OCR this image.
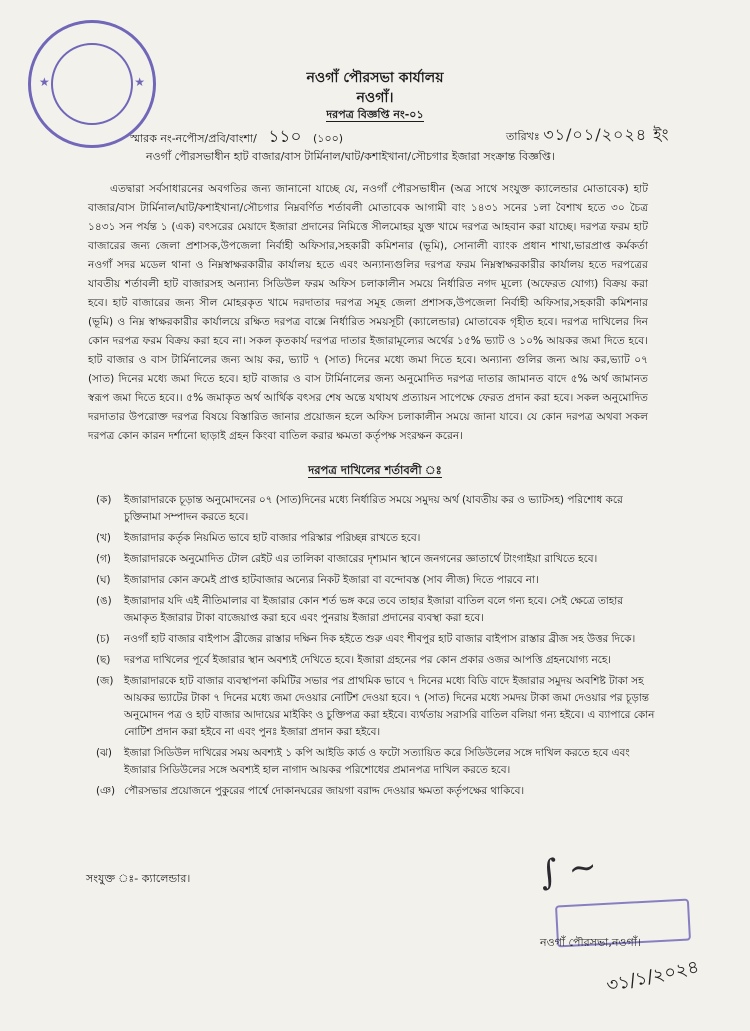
★	★	নওগাঁ পৌরসভা কার্যালয়
নওগাঁ।
দরপত্র বিজ্ঞপ্তি নং-০১
স্মারক নং-নপৌস/প্রবি/বাংশা/ ১১০ (১০০)	তারিখঃ ৩১/০১/২০২৪ ইং
নওগাঁ পৌরসভাধীন হাট বাজার/বাস টার্মিনাল/ঘাট/কশাইখানা/সৌচগার ইজারা সংক্রান্ত বিজ্ঞপ্তি।

এতদ্বারা সর্বসাধারনের অবগতির জন্য জানানো যাচ্ছে যে, নওগাঁ পৌরসভাধীন (অত্র সাথে সংযুক্ত ক্যালেন্ডার মোতাবেক) হাট বাজার/বাস টার্মিনাল/ঘাট/কশাইখানা/সৌচগার নিম্নবর্ণিত শর্তাবলী মোতাবেক আগামী বাং ১৪৩১ সনের ১লা বৈশাখ হতে ৩০ চৈত্র ১৪৩১ সন পর্যন্ত ১ (এক) বৎসরের মেয়াদে ইজারা প্রদানের নিমিত্তে সীলমোহর যুক্ত খামে দরপত্র আহবান করা যাচ্ছে। দরপত্র ফরম হাট বাজারের জন্য জেলা প্রশাসক,উপজেলা নির্বাহী অফিসার,সহকারী কমিশনার (ভূমি), সোনালী ব্যাংক প্রধান শাখা,ভারপ্রাপ্ত কর্মকর্তা নওগাঁ সদর মডেল থানা ও নিম্নস্বাক্ষরকারীর কার্যালয় হতে এবং অন্যান্যগুলির দরপত্র ফরম নিম্নস্বাক্ষরকারীর কার্যালয় হতে দরপত্রের যাবতীয় শর্তাবলী হাট বাজারসহ অন্যান্য সিডিউল ফরম অফিস চলাকালীন সময়ে নির্ধারিত নগদ মূল্যে (অফেরত যোগ্য) বিক্রয় করা হবে। হাট বাজারের জন্য সীল মোহরকৃত খামে দরদাতার দরপত্র সমূহ জেলা প্রশাসক,উপজেলা নির্বাহী অফিসার,সহকারী কমিশনার (ভূমি) ও নিম্ন স্বাক্ষরকারীর কার্যালয়ে রক্ষিত দরপত্র বাক্সে নির্ধারিত সময়সূচী (ক্যালেন্ডার) মোতাবেক গৃহীত হবে। দরপত্র দাখিলের দিন কোন দরপত্র ফরম বিক্রয় করা হবে না। সকল কৃতকার্য দরপত্র দাতার ইজারামূল্যের অর্থের ১৫% ভ্যাট ও ১০% আয়কর জমা দিতে হবে। হাট বাজার ও বাস টার্মিনালের জন্য আয় কর, ভ্যাট ৭ (সাত) দিনের মধ্যে জমা দিতে হবে। অন্যান্য গুলির জন্য আয় কর,ভ্যাট ০৭ (সাত) দিনের মধ্যে জমা দিতে হবে। হাট বাজার ও বাস টার্মিনালের জন্য অনুমোদিত দরপত্র দাতার জামানত বাদে ৫% অর্থ জামানত স্বরূপ জমা দিতে হবে।। ৫% জমাকৃত অর্থ আর্থিক বৎসর শেষ অন্তে যথাযথ প্রত্যায়ন সাপেক্ষে ফেরত প্রদান করা হবে। সকল অনুমোদিত দরদাতার উপরোক্ত দরপত্র বিষয়ে বিস্তারিত জানার প্রয়োজন হলে অফিস চলাকালীন সময়ে জানা যাবে। যে কোন দরপত্র অথবা সকল দরপত্র কোন কারন দর্শানো ছাড়াই গ্রহন কিংবা বাতিল করার ক্ষমতা কর্তৃপক্ষ সংরক্ষন করেন।

দরপত্র দাখিলের শর্তাবলী ঃ
(ক) ইজারাদারকে চূড়ান্ত অনুমোদনের ০৭ (সাত)দিনের মধ্যে নির্ধারিত সময়ে সমুদয় অর্থ (যাবতীয় কর ও ভ্যাটসহ) পরিশোধ করে চুক্তিনামা সম্পাদন করতে হবে।
(খ) ইজারাদার কর্তৃক নিয়মিত ভাবে হাট বাজার পরিস্কার পরিচ্ছন্ন রাখতে হবে।
(গ) ইজারাদারকে অনুমোদিত টোল রেইট এর তালিকা বাজারের দৃশ্যমান স্থানে জনগনের জ্ঞাতার্থে টাংগাইয়া রাখিতে হবে।
(ঘ) ইজারাদার কোন ক্রমেই প্রাপ্ত হাটবাজার অন্যের নিকট ইজারা বা বন্দোবস্ত (সাব লীজ) দিতে পারবে না।
(ঙ) ইজারাদার যদি এই নীতিমালার বা ইজারার কোন শর্ত ভঙ্গ করে তবে তাহার ইজারা বাতিল বলে গন্য হবে। সেই ক্ষেত্রে তাহার জমাকৃত ইজারার টাকা বাজেয়াপ্ত করা হবে এবং পুনরায় ইজারা প্রদানের ব্যবস্থা করা হবে।
(চ) নওগাঁ হাট বাজার বাইপাস ব্রীজের রাস্তার দক্ষিন দিক হইতে শুরু এবং শীবপুর হাট বাজার বাইপাস রাস্তার ব্রীজ সহ উত্তর দিকে।
(ছ) দরপত্র দাখিলের পূর্বে ইজারার স্থান অবশ্যই দেখিতে হবে। ইজারা গ্রহনের পর কোন প্রকার ওজর আপত্তি গ্রহনযোগ্য নহে।
(জ) ইজারাদারকে হাট বাজার ব্যবস্থাপনা কমিটির সভার পর প্রাথমিক ভাবে ৭ দিনের মধ্যে বিডি বাদে ইজারার সমুদয় অবশিষ্ট টাকা সহ আয়কর ভ্যাটের টাকা ৭ দিনের মধ্যে জমা দেওয়ার নোটিশ দেওয়া হবে। ৭ (সাত) দিনের মধ্যে সমদয় টাকা জমা দেওয়ার পর চূড়ান্ত অনুমোদন পত্র ও হাট বাজার আদায়ের মাইকিং ও চুক্তিপত্র করা হইবে। ব্যর্থতায় সরাসরি বাতিল বলিয়া গন্য হইবে। এ ব্যাপারে কোন নোটিশ প্রদান করা হইবে না এবং পুনঃ ইজারা প্রদান করা হইবে।
(ঝ) ইজারা সিডিউল দাখিরের সময় অবশ্যই ১ কপি আইডি কার্ড ও ফটো সত্যায়িত করে সিডিউলের সঙ্গে দাখিল করতে হবে এবং ইজারার সিডিউলের সঙ্গে অবশ্যই হাল নাগাদ আয়কর পরিশোধের প্রমানপত্র দাখিল করতে হবে।
(ঞ) পৌরসভার প্রয়োজনে পুকুরের পার্শ্বে দোকানঘরের জায়গা বরাদ্দ দেওয়ার ক্ষমতা কর্তৃপক্ষের থাকিবে।
সংযুক্ত ঃ- ক্যালেন্ডার।	∫ ~
নওগাঁ পৌরসভা,নওগাঁ।
৩১/১/২০২৪
